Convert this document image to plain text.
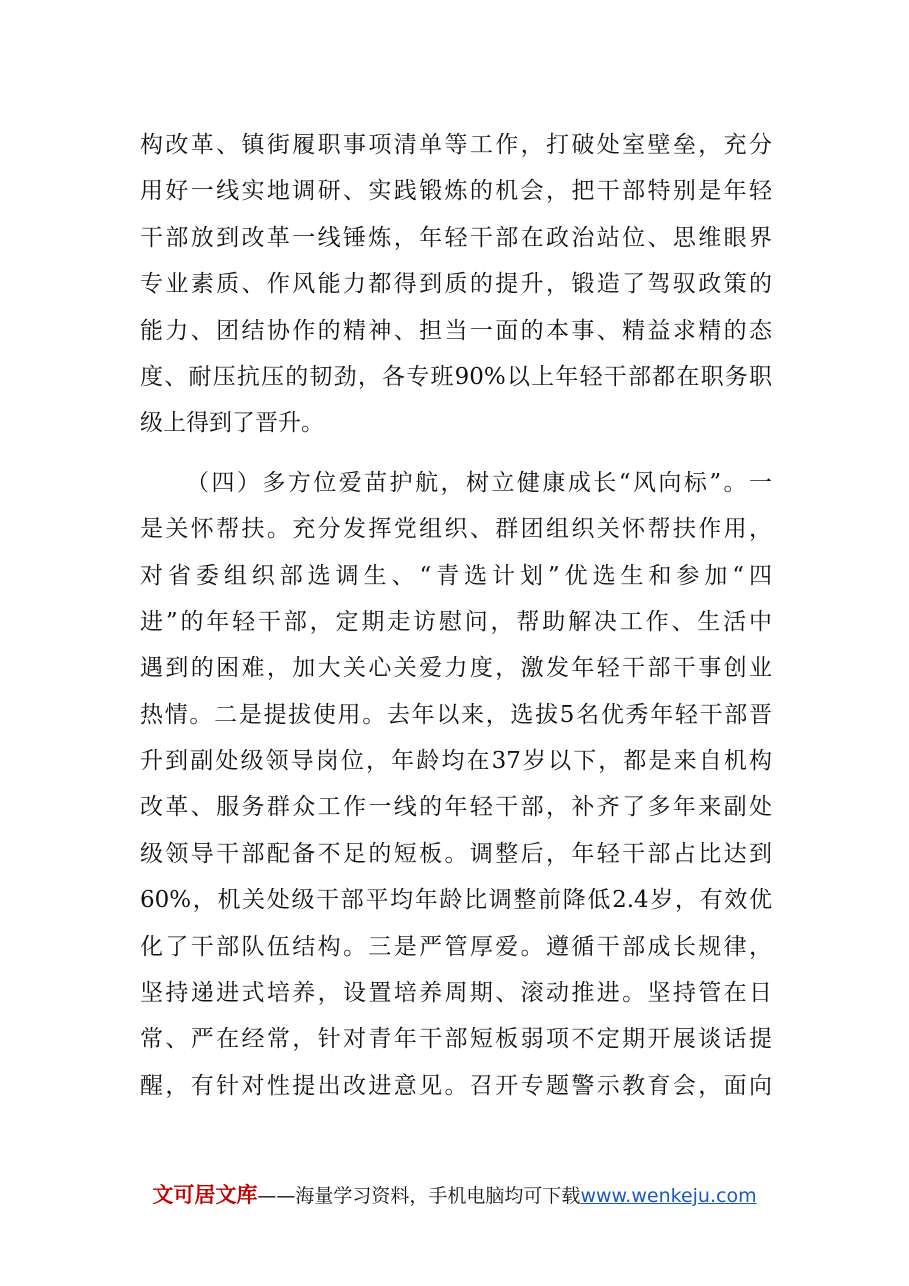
构改革、镇街履职事项清单等工作，打破处室壁垒，充分
用好一线实地调研、实践锻炼的机会，把干部特别是年轻
干部放到改革一线锤炼，年轻干部在政治站位、思维眼界
专业素质、作风能力都得到质的提升，锻造了驾驭政策的
能力、团结协作的精神、担当一面的本事、精益求精的态
度、耐压抗压的韧劲，各专班90%以上年轻干部都在职务职
级上得到了晋升。
（四）多方位爱苗护航，树立健康成长“风向标”。一
是关怀帮扶。充分发挥党组织、群团组织关怀帮扶作用，
对省委组织部选调生、“青选计划”优选生和参加“四
进”的年轻干部，定期走访慰问，帮助解决工作、生活中
遇到的困难，加大关心关爱力度，激发年轻干部干事创业
热情。二是提拔使用。去年以来，选拔5名优秀年轻干部晋
升到副处级领导岗位，年龄均在37岁以下，都是来自机构
改革、服务群众工作一线的年轻干部，补齐了多年来副处
级领导干部配备不足的短板。调整后，年轻干部占比达到
60%，机关处级干部平均年龄比调整前降低2.4岁，有效优
化了干部队伍结构。三是严管厚爱。遵循干部成长规律，
坚持递进式培养，设置培养周期、滚动推进。坚持管在日
常、严在经常，针对青年干部短板弱项不定期开展谈话提
醒，有针对性提出改进意见。召开专题警示教育会，面向
文可居文库——海量学习资料，手机电脑均可下载www.wenkeju.com
